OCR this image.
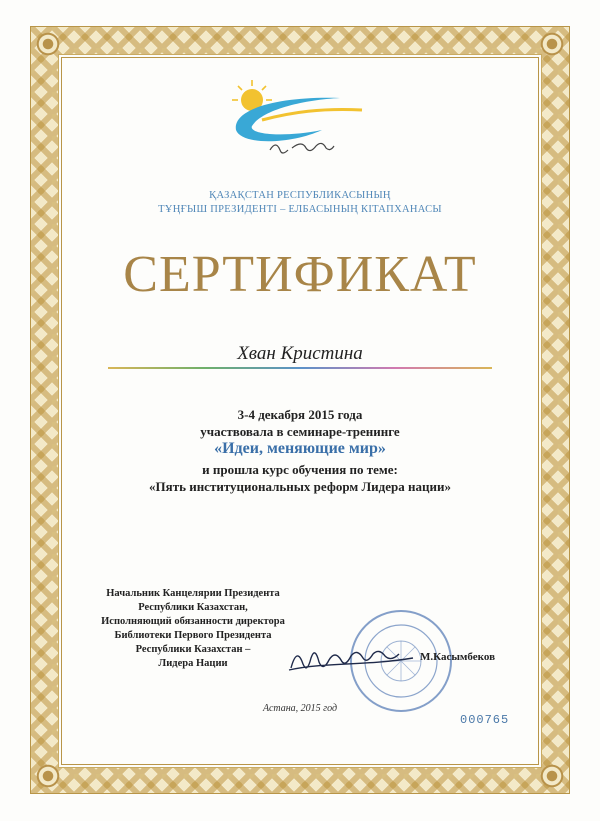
ҚАЗАҚСТАН РЕСПУБЛИКАСЫНЫҢ
ТҰҢҒЫШ ПРЕЗИДЕНТІ – ЕЛБАСЫНЫҢ КІТАПХАНАСЫ
СЕРТИФИКАТ
Хван Кристина
3-4 декабря 2015 года
участвовала в семинаре-тренинге
«Идеи, меняющие мир»
и прошла курс обучения по теме:
«Пять институциональных реформ Лидера нации»
Начальник Канцелярии Президента
Республики Казахстан,
Исполняющий обязанности директора
Библиотеки Первого Президента
Республики Казахстан –
Лидера Нации
М.Касымбеков
Астана, 2015 год
000765
